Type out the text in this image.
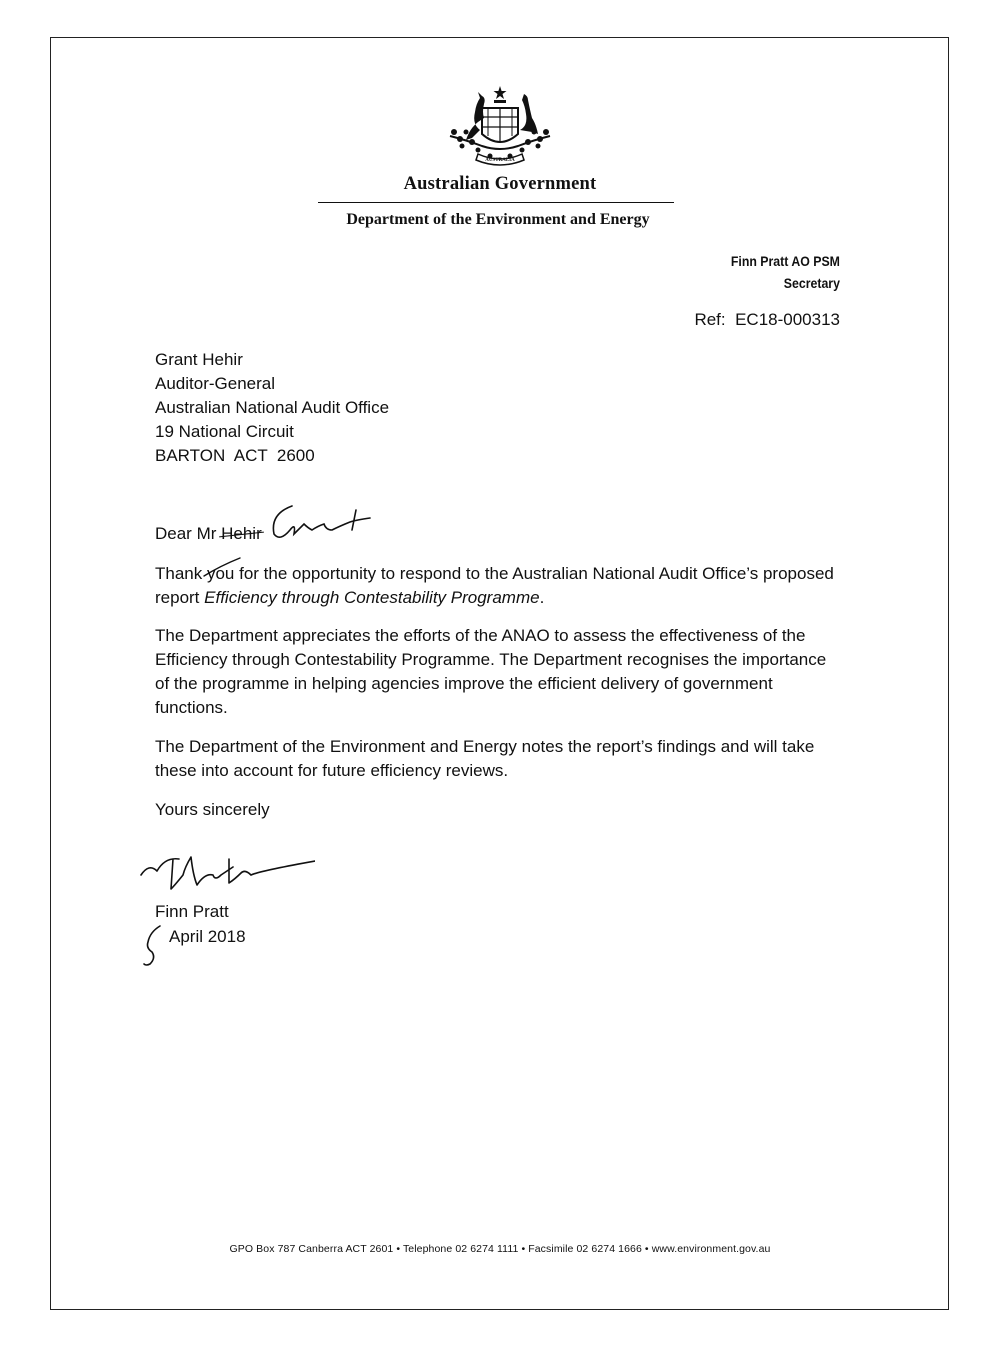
AUSTRALIA
Australian Government
Department of the Environment and Energy
Finn Pratt AO PSM
Secretary
Ref:  EC18-000313
Grant Hehir
Auditor-General
Australian National Audit Office
19 National Circuit
BARTON  ACT  2600
Dear Mr Hehir

Thank you for the opportunity to respond to the Australian National Audit Office’s proposed report Efficiency through Contestability Programme.

The Department appreciates the efforts of the ANAO to assess the effectiveness of the Efficiency through Contestability Programme. The Department recognises the importance of the programme in helping agencies improve the efficient delivery of government functions.

The Department of the Environment and Energy notes the report’s findings and will take these into account for future efficiency reviews.

Yours sincerely
Finn Pratt
April 2018
GPO Box 787 Canberra ACT 2601 • Telephone 02 6274 1111 • Facsimile 02 6274 1666 • www.environment.gov.au
